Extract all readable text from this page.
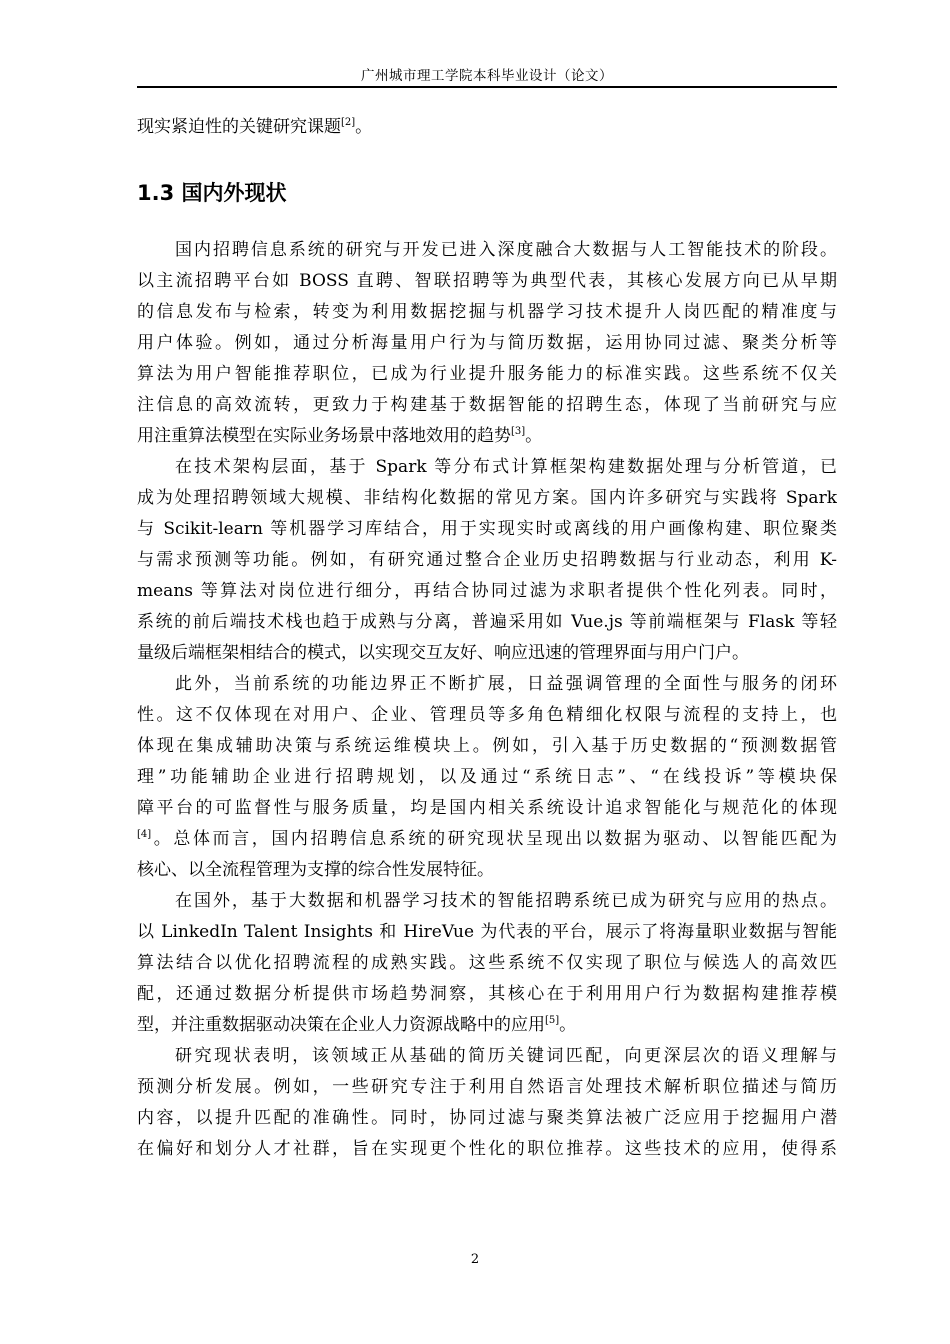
广州城市理工学院本科毕业设计（论文）
现实紧迫性的关键研究课题[2]。
1.3 国内外现状
国内招聘信息系统的研究与开发已进入深度融合大数据与人工智能技术的阶段。
以主流招聘平台如 BOSS 直聘、智联招聘等为典型代表，其核心发展方向已从早期
的信息发布与检索，转变为利用数据挖掘与机器学习技术提升人岗匹配的精准度与
用户体验。例如，通过分析海量用户行为与简历数据，运用协同过滤、聚类分析等
算法为用户智能推荐职位，已成为行业提升服务能力的标准实践。这些系统不仅关
注信息的高效流转，更致力于构建基于数据智能的招聘生态，体现了当前研究与应
用注重算法模型在实际业务场景中落地效用的趋势[3]。
在技术架构层面，基于 Spark 等分布式计算框架构建数据处理与分析管道，已
成为处理招聘领域大规模、非结构化数据的常见方案。国内许多研究与实践将 Spark
与 Scikit-learn 等机器学习库结合，用于实现实时或离线的用户画像构建、职位聚类
与需求预测等功能。例如，有研究通过整合企业历史招聘数据与行业动态，利用 K-
means 等算法对岗位进行细分，再结合协同过滤为求职者提供个性化列表。同时，
系统的前后端技术栈也趋于成熟与分离，普遍采用如 Vue.js 等前端框架与 Flask 等轻
量级后端框架相结合的模式，以实现交互友好、响应迅速的管理界面与用户门户。
此外，当前系统的功能边界正不断扩展，日益强调管理的全面性与服务的闭环
性。这不仅体现在对用户、企业、管理员等多角色精细化权限与流程的支持上，也
体现在集成辅助决策与系统运维模块上。例如，引入基于历史数据的“预测数据管
理”功能辅助企业进行招聘规划，以及通过“系统日志”、“在线投诉”等模块保
障平台的可监督性与服务质量，均是国内相关系统设计追求智能化与规范化的体现
[4]。总体而言，国内招聘信息系统的研究现状呈现出以数据为驱动、以智能匹配为
核心、以全流程管理为支撑的综合性发展特征。
在国外，基于大数据和机器学习技术的智能招聘系统已成为研究与应用的热点。
以 LinkedIn Talent Insights 和 HireVue 为代表的平台，展示了将海量职业数据与智能
算法结合以优化招聘流程的成熟实践。这些系统不仅实现了职位与候选人的高效匹
配，还通过数据分析提供市场趋势洞察，其核心在于利用用户行为数据构建推荐模
型，并注重数据驱动决策在企业人力资源战略中的应用[5]。
研究现状表明，该领域正从基础的简历关键词匹配，向更深层次的语义理解与
预测分析发展。例如，一些研究专注于利用自然语言处理技术解析职位描述与简历
内容，以提升匹配的准确性。同时，协同过滤与聚类算法被广泛应用于挖掘用户潜
在偏好和划分人才社群，旨在实现更个性化的职位推荐。这些技术的应用，使得系
2
